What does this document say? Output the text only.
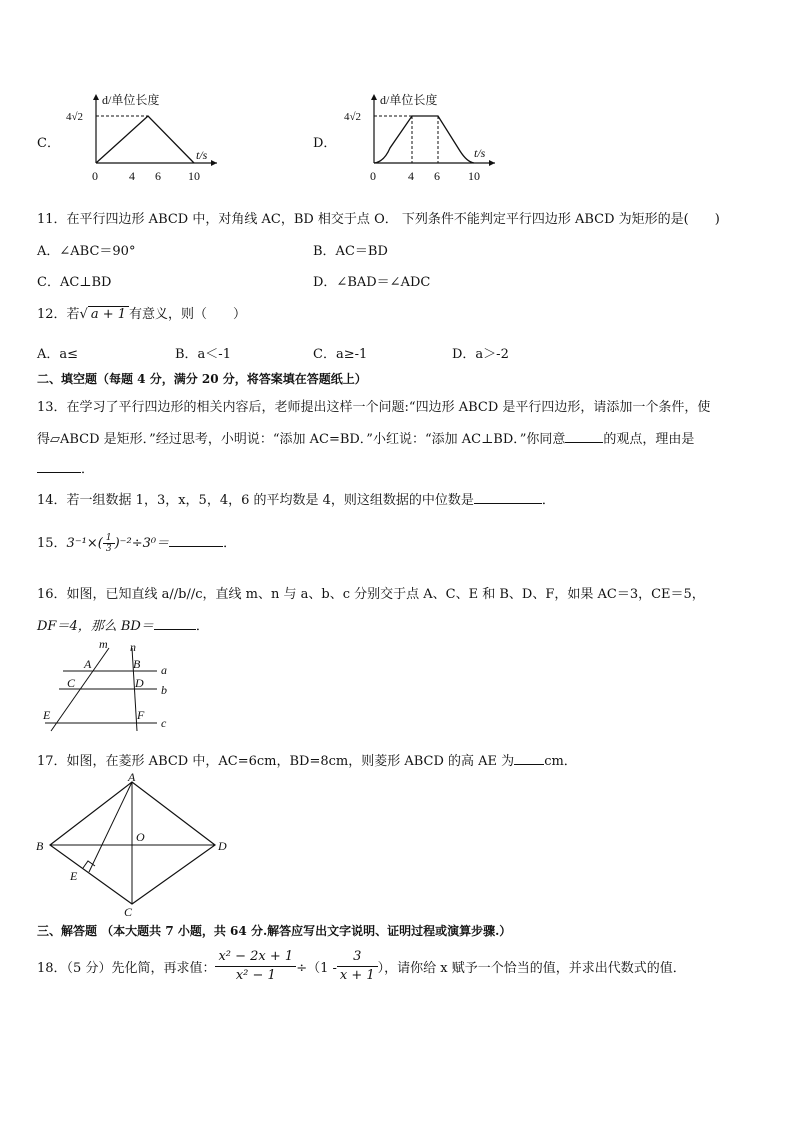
C．
d/单位长度
4√2
t/s
0	4 6 10
D．
d/单位长度
4√2
t/s
0	4 6 10
11．在平行四边形 ABCD 中，对角线 AC，BD 相交于点 O． 下列条件不能判定平行四边形 ABCD 为矩形的是(　　)
A．∠ABC＝90°	B．AC＝BD
C．AC⊥BD	D．∠BAD＝∠ADC
12．若√ a + 1 有意义，则（　　）
A．a≤	B．a＜-1	C．a≥-1	D．a＞-2
二、填空题（每题 4 分，满分 20 分，将答案填在答题纸上）
13．在学习了平行四边形的相关内容后，老师提出这样一个问题:“四边形 ABCD 是平行四边形，请添加一个条件，使
得▱ABCD 是矩形．”经过思考，小明说：“添加 AC=BD．”小红说：“添加 AC⊥BD．”你同意	的观点，理由是
．
14．若一组数据 1，3，x，5，4，6 的平均数是 4，则这组数据的中位数是	．
15．$3^{-1}\times( \frac{1}{3} )^{-2}\div 3^0=$	．
16．如图，已知直线 a//b//c，直线 m、n 与 a、b、c 分别交于点 A、C、E 和 B、D、F，如果 AC＝3，CE＝5，
DF＝4，那么 BD＝	．
m n
A	B a
C	D b
E	F
c
17．如图，在菱形 ABCD 中，AC=6cm，BD=8cm，则菱形 ABCD 的高 AE 为 cm．
A
B
O
D
E
C
三、解答题 （本大题共 7 小题，共 64 分.解答应写出文字说明、证明过程或演算步骤.）
18．（5 分）先化简，再求值： $\frac{\text{x² − 2x + 1}}{\text{x² − 1}} \div(1 - \frac{3}{x + 1}$ ），请你给 x 赋予一个恰当的值，并求出代数式的值．
